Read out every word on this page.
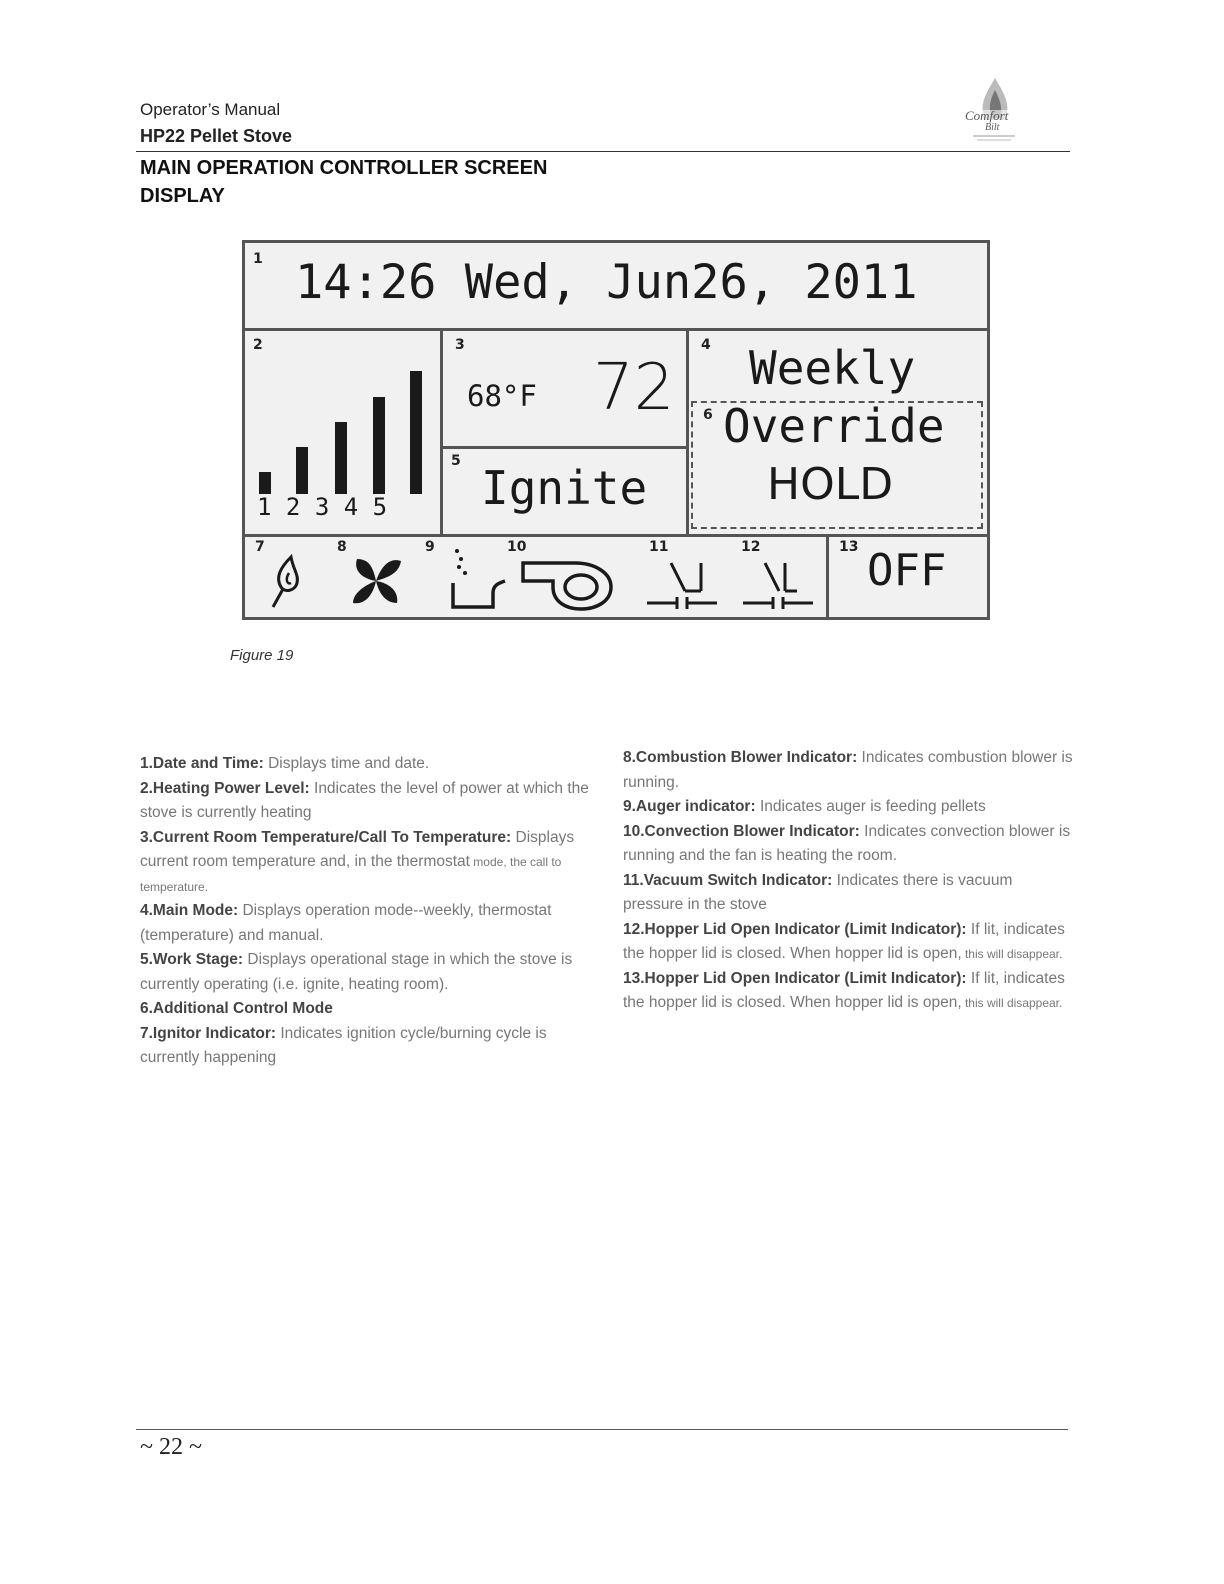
Operator’s Manual
HP22 Pellet Stove
MAIN OPERATION CONTROLLER SCREEN
DISPLAY
Comfort
Bilt
1 14:26 Wed, Jun26, 2011
2
1 2 3 4 5
3
68°F 72
5 Ignite
4 Weekly
6 Override
HOLD
7	8	9	10	11	12	13 OFF
Figure 19

1.Date and Time: Displays time and date.

2.Heating Power Level: Indicates the level of power at which the stove is currently heating

3.Current Room Temperature/Call To Temperature: Displays current room temperature and, in the thermostat mode, the call to temperature.

4.Main Mode: Displays operation mode--weekly, thermostat (temperature) and manual.

5.Work Stage: Displays operational stage in which the stove is currently operating (i.e. ignite, heating room).

6.Additional Control Mode

7.Ignitor Indicator: Indicates ignition cycle/burning cycle is currently happening

8.Combustion Blower Indicator: Indicates combustion blower is running.

9.Auger indicator: Indicates auger is feeding pellets

10.Convection Blower Indicator: Indicates convection blower is running and the fan is heating the room.

11.Vacuum Switch Indicator: Indicates there is vacuum pressure in the stove

12.Hopper Lid Open Indicator (Limit Indicator): If lit, indicates the hopper lid is closed. When hopper lid is open, this will disappear.

13.Hopper Lid Open Indicator (Limit Indicator): If lit, indicates the hopper lid is closed. When hopper lid is open, this will disappear.

~ 22 ~
